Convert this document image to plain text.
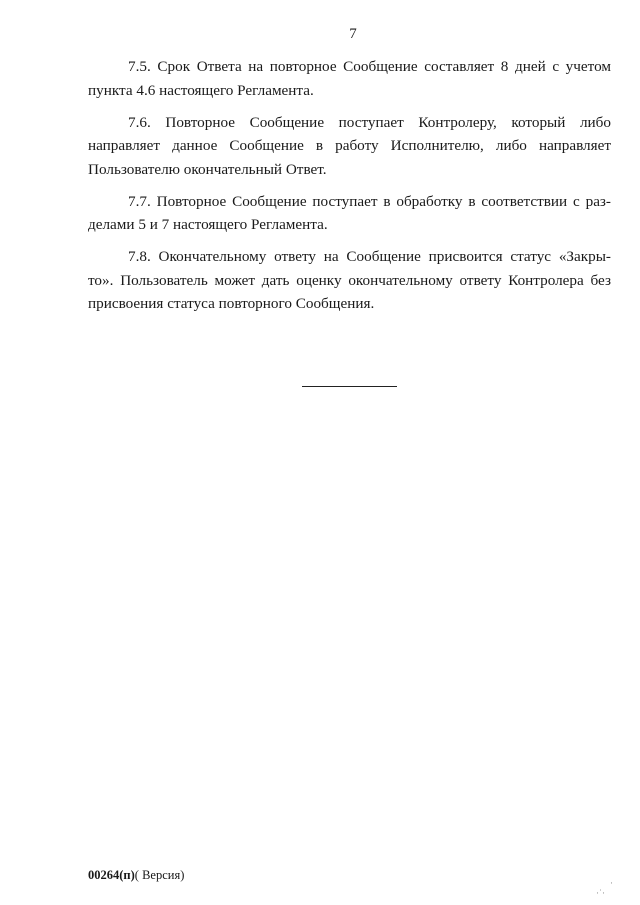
7

7.5. Срок Ответа на повторное Сообщение составляет 8 дней с учетом
пункта 4.6 настоящего Регламента.

7.6. Повторное Сообщение поступает Контролеру, который либо
направляет данное Сообщение в работу Исполнителю, либо направляет
Пользователю окончательный Ответ.

7.7. Повторное Сообщение поступает в обработку в соответствии с раз-
делами 5 и 7 настоящего Регламента.

7.8. Окончательному ответу на Сообщение присвоится статус «Закры-
то». Пользователь может дать оценку окончательному ответу Контролера без
присвоения статуса повторного Сообщения.

00264(п)( Версия)
·˙·
·
